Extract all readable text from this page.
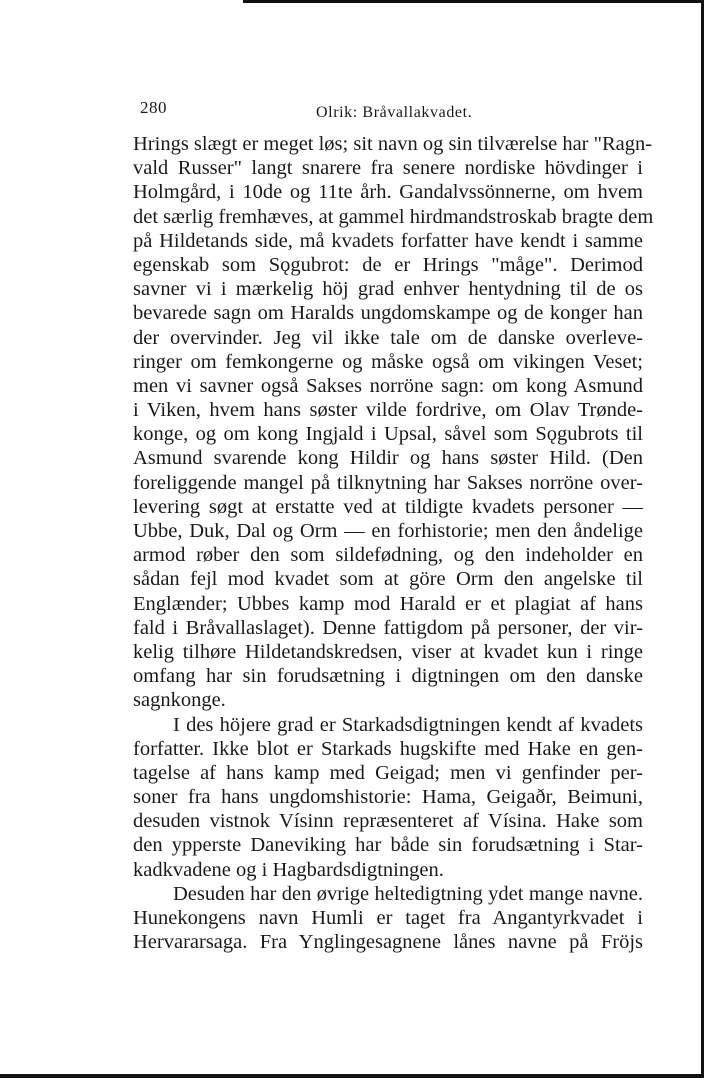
280	Olrik: Bråvallakvadet.
Hrings slægt er meget løs; sit navn og sin tilværelse har "Ragn-
vald Russer" langt snarere fra senere nordiske hövdinger i
Holmgård, i 10de og 11te årh. Gandalvssönnerne, om hvem
det særlig fremhæves, at gammel hirdmandstroskab bragte dem
på Hildetands side, må kvadets forfatter have kendt i samme
egenskab som Sǫgubrot: de er Hrings "måge". Derimod
savner vi i mærkelig höj grad enhver hentydning til de os
bevarede sagn om Haralds ungdomskampe og de konger han
der overvinder. Jeg vil ikke tale om de danske overleve-
ringer om femkongerne og måske også om vikingen Veset;
men vi savner også Sakses norröne sagn: om kong Asmund
i Viken, hvem hans søster vilde fordrive, om Olav Trønde-
konge, og om kong Ingjald i Upsal, såvel som Sǫgubrots til
Asmund svarende kong Hildir og hans søster Hild. (Den
foreliggende mangel på tilknytning har Sakses norröne over-
levering søgt at erstatte ved at tildigte kvadets personer —
Ubbe, Duk, Dal og Orm — en forhistorie; men den åndelige
armod røber den som sildefødning, og den indeholder en
sådan fejl mod kvadet som at göre Orm den angelske til
Englænder; Ubbes kamp mod Harald er et plagiat af hans
fald i Bråvallaslaget). Denne fattigdom på personer, der vir-
kelig tilhøre Hildetandskredsen, viser at kvadet kun i ringe
omfang har sin forudsætning i digtningen om den danske
sagnkonge.
I des höjere grad er Starkadsdigtningen kendt af kvadets
forfatter. Ikke blot er Starkads hugskifte med Hake en gen-
tagelse af hans kamp med Geigad; men vi genfinder per-
soner fra hans ungdomshistorie: Hama, Geigaðr, Beimuni,
desuden vistnok Vísinn repræsenteret af Vísina. Hake som
den ypperste Daneviking har både sin forudsætning i Star-
kadkvadene og i Hagbardsdigtningen.
Desuden har den øvrige heltedigtning ydet mange navne.
Hunekongens navn Humli er taget fra Angantyrkvadet i
Hervararsaga. Fra Ynglingesagnene lånes navne på Fröjs
